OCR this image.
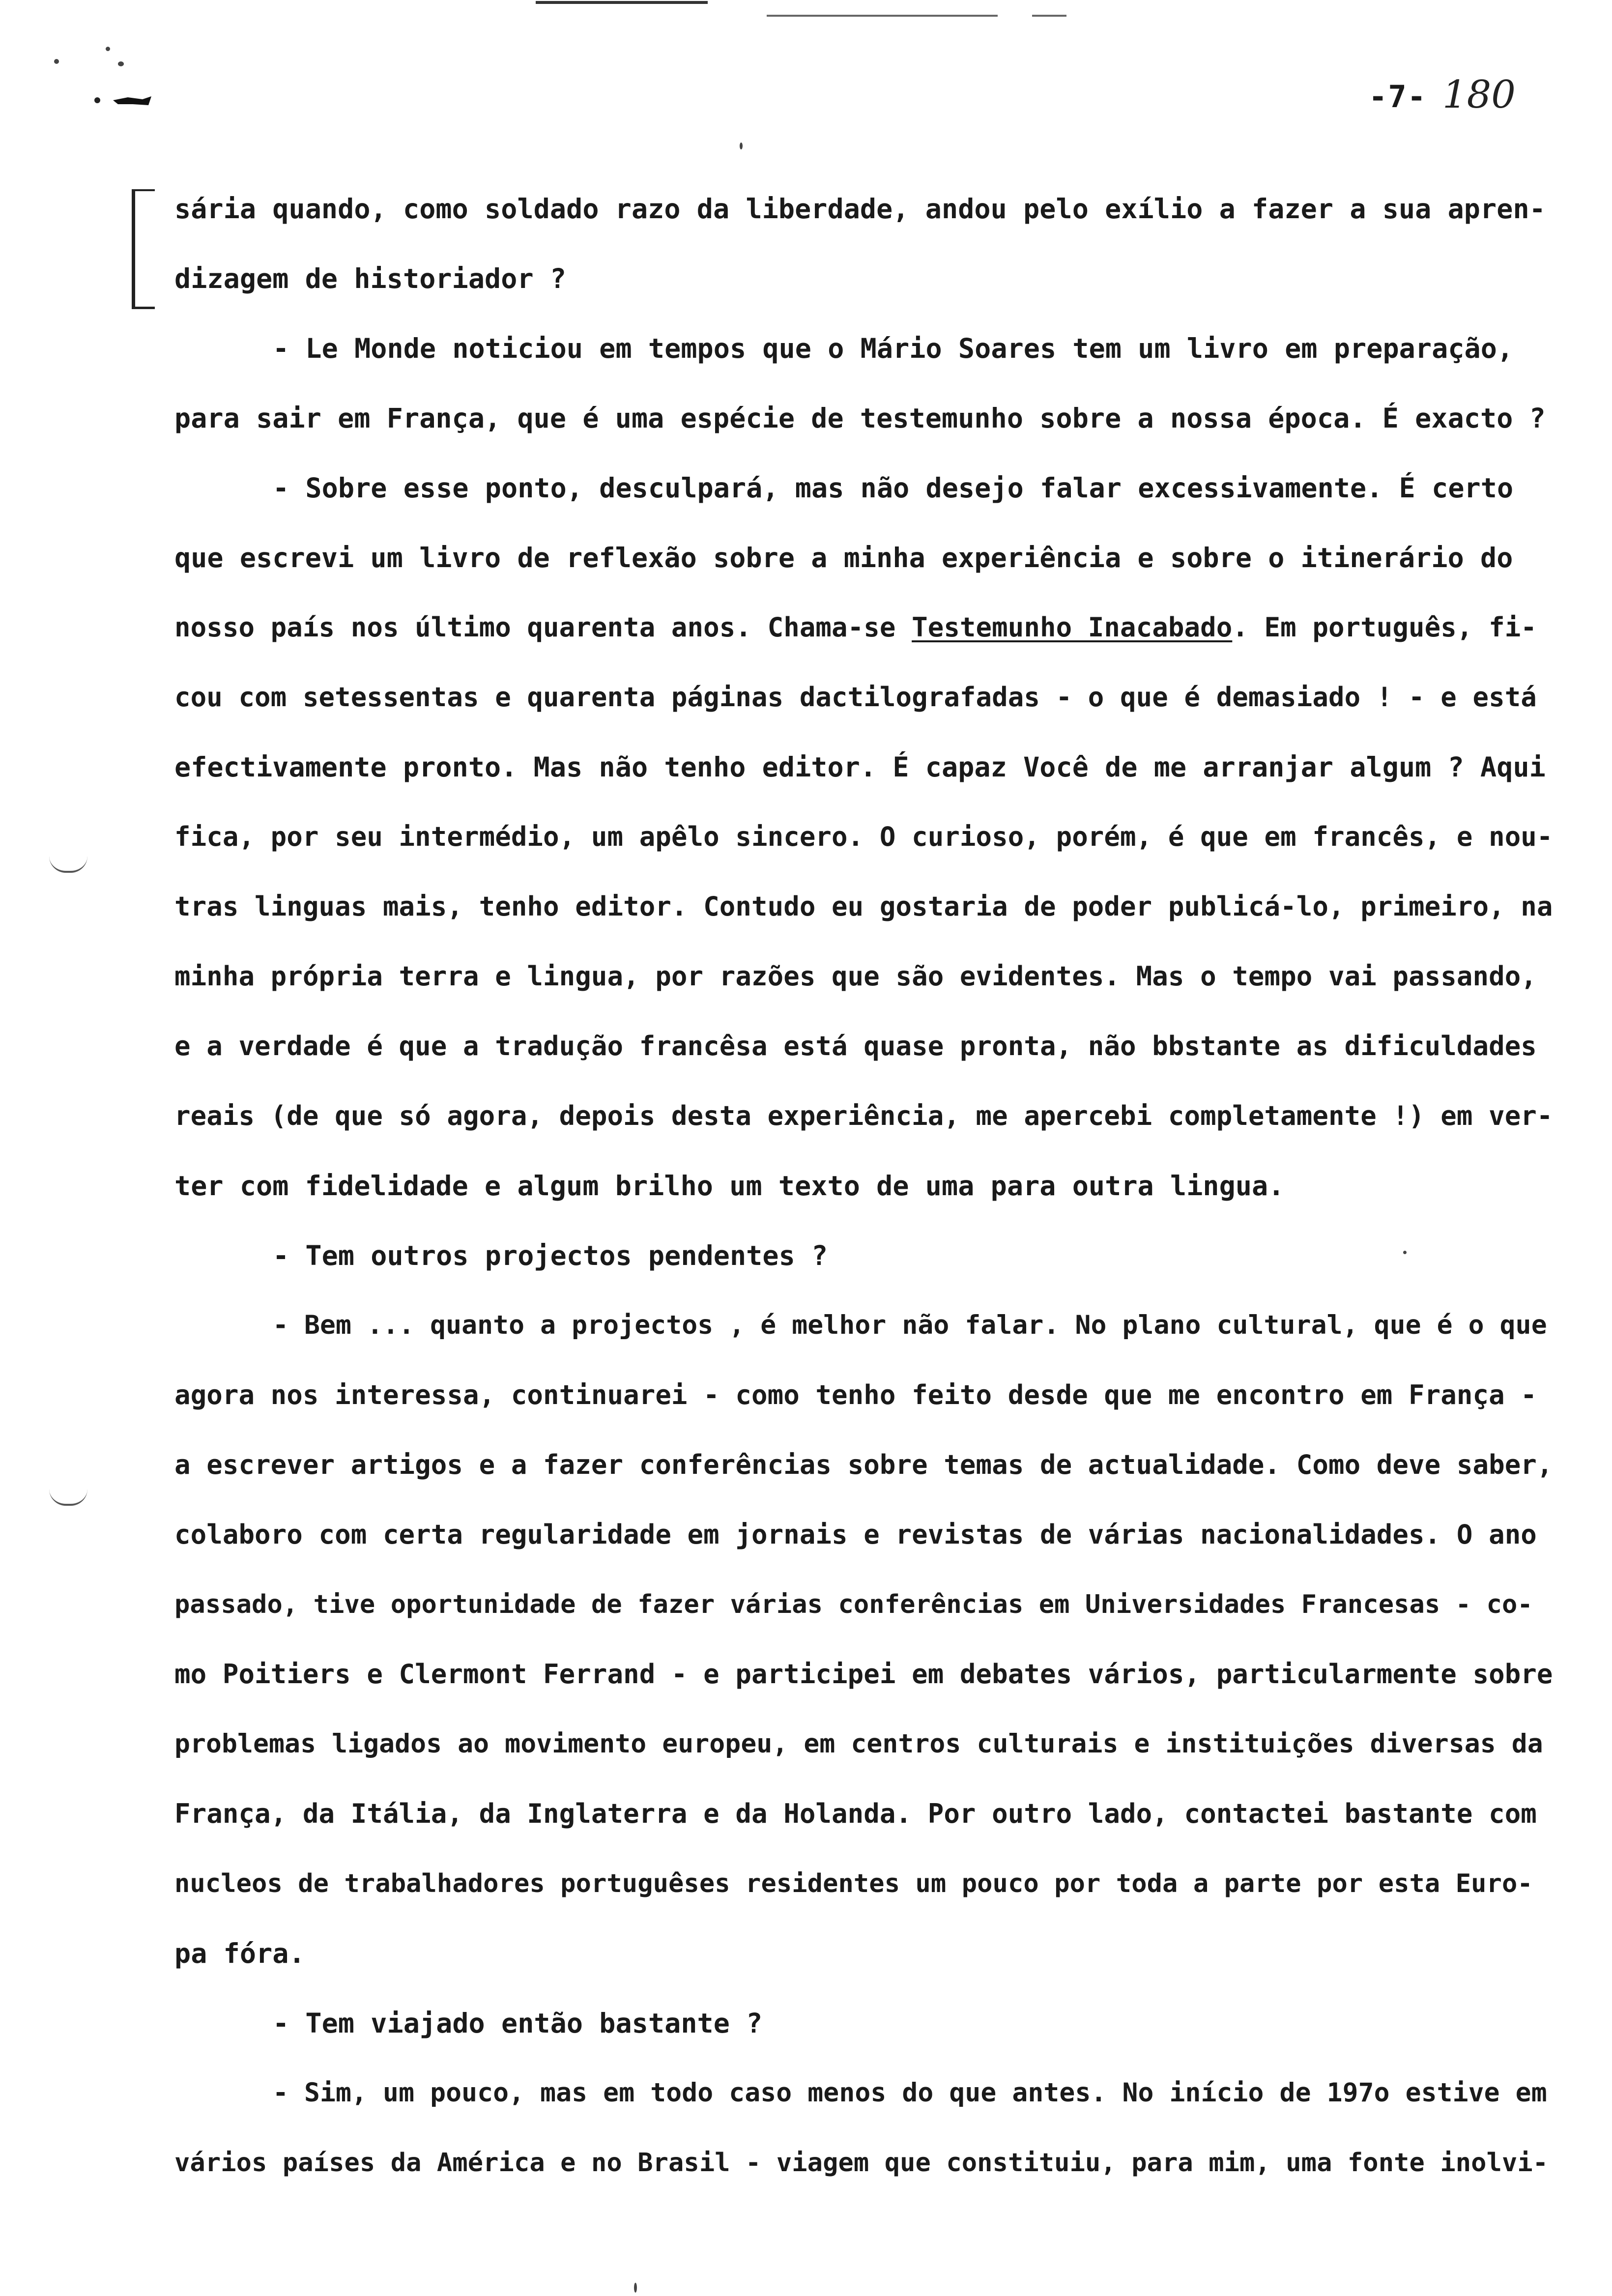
-7- 180
sária quando, como soldado razo da liberdade, andou pelo exílio a fazer a sua apren-
dizagem de historiador ?
- Le Monde noticiou em tempos que o Mário Soares tem um livro em preparação,
para sair em França, que é uma espécie de testemunho sobre a nossa época. É exacto ?
- Sobre esse ponto, desculpará, mas não desejo falar excessivamente. É certo
que escrevi um livro de reflexão sobre a minha experiência e sobre o itinerário do
nosso país nos último quarenta anos. Chama-se Testemunho Inacabado. Em português, fi-
cou com setessentas e quarenta páginas dactilografadas - o que é demasiado ! - e está
efectivamente pronto. Mas não tenho editor. É capaz Você de me arranjar algum ? Aqui
fica, por seu intermédio, um apêlo sincero. O curioso, porém, é que em francês, e nou-
tras linguas mais, tenho editor. Contudo eu gostaria de poder publicá-lo, primeiro, na
minha própria terra e lingua, por razões que são evidentes. Mas o tempo vai passando,
e a verdade é que a tradução francêsa está quase pronta, não bbstante as dificuldades
reais (de que só agora, depois desta experiência, me apercebi completamente !) em ver-
ter com fidelidade e algum brilho um texto de uma para outra lingua.
- Tem outros projectos pendentes ?
- Bem ... quanto a projectos , é melhor não falar. No plano cultural, que é o que
agora nos interessa, continuarei - como tenho feito desde que me encontro em França -
a escrever artigos e a fazer conferências sobre temas de actualidade. Como deve saber,
colaboro com certa regularidade em jornais e revistas de várias nacionalidades. O ano
passado, tive oportunidade de fazer várias conferências em Universidades Francesas - co-
mo Poitiers e Clermont Ferrand - e participei em debates vários, particularmente sobre
problemas ligados ao movimento europeu, em centros culturais e instituições diversas da
França, da Itália, da Inglaterra e da Holanda. Por outro lado, contactei bastante com
nucleos de trabalhadores portuguêses residentes um pouco por toda a parte por esta Euro-
pa fóra.
- Tem viajado então bastante ?
- Sim, um pouco, mas em todo caso menos do que antes. No início de 197o estive em
vários países da América e no Brasil - viagem que constituiu, para mim, uma fonte inolvi-
